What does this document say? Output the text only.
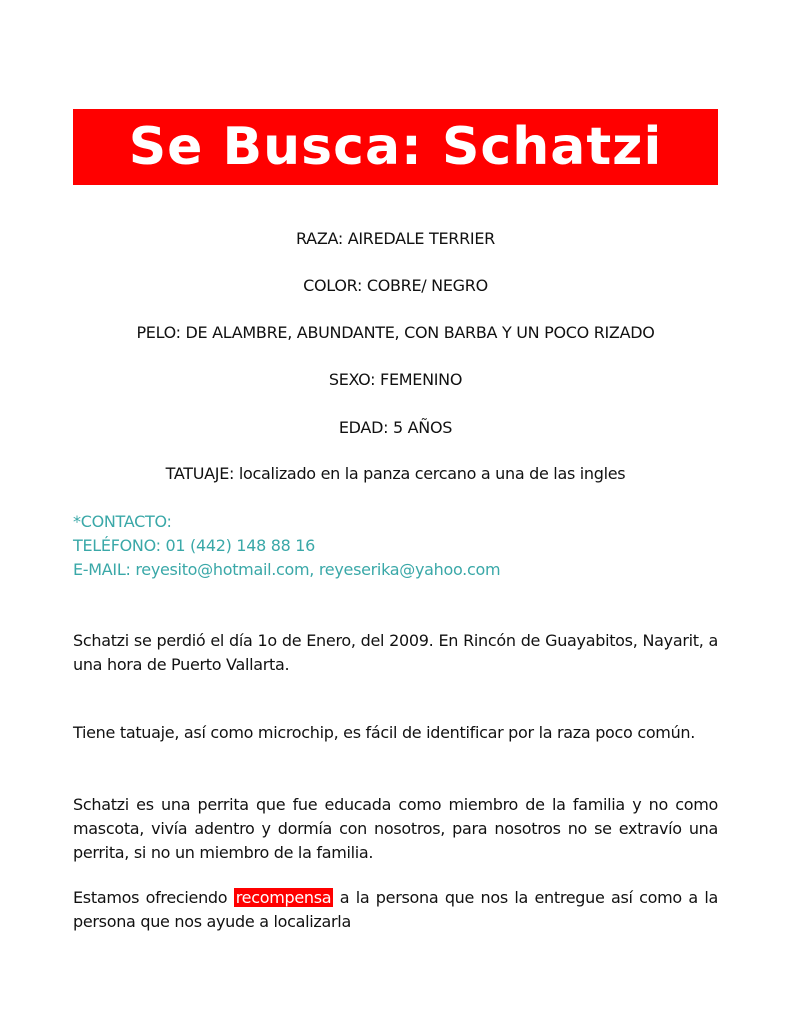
Se Busca: Schatzi
RAZA: AIREDALE TERRIER
COLOR: COBRE/ NEGRO
PELO: DE ALAMBRE, ABUNDANTE, CON BARBA Y UN POCO RIZADO
SEXO: FEMENINO
EDAD: 5 AÑOS
TATUAJE: localizado en la panza cercano a una de las ingles
*CONTACTO:
TELÉFONO: 01 (442) 148 88 16
E-MAIL: reyesito@hotmail.com, reyeserika@yahoo.com
Schatzi se perdió el día 1o de Enero, del 2009. En Rincón de Guayabitos, Nayarit, a una hora de Puerto Vallarta.
Tiene tatuaje, así como microchip, es fácil de identificar por la raza poco común.
Schatzi es una perrita que fue educada como miembro de la familia y no como mascota, vivía adentro y dormía con nosotros, para nosotros no se extravío una perrita, si no un miembro de la familia.
Estamos ofreciendo recompensa a la persona que nos la entregue así como a la persona que nos ayude a localizarla
